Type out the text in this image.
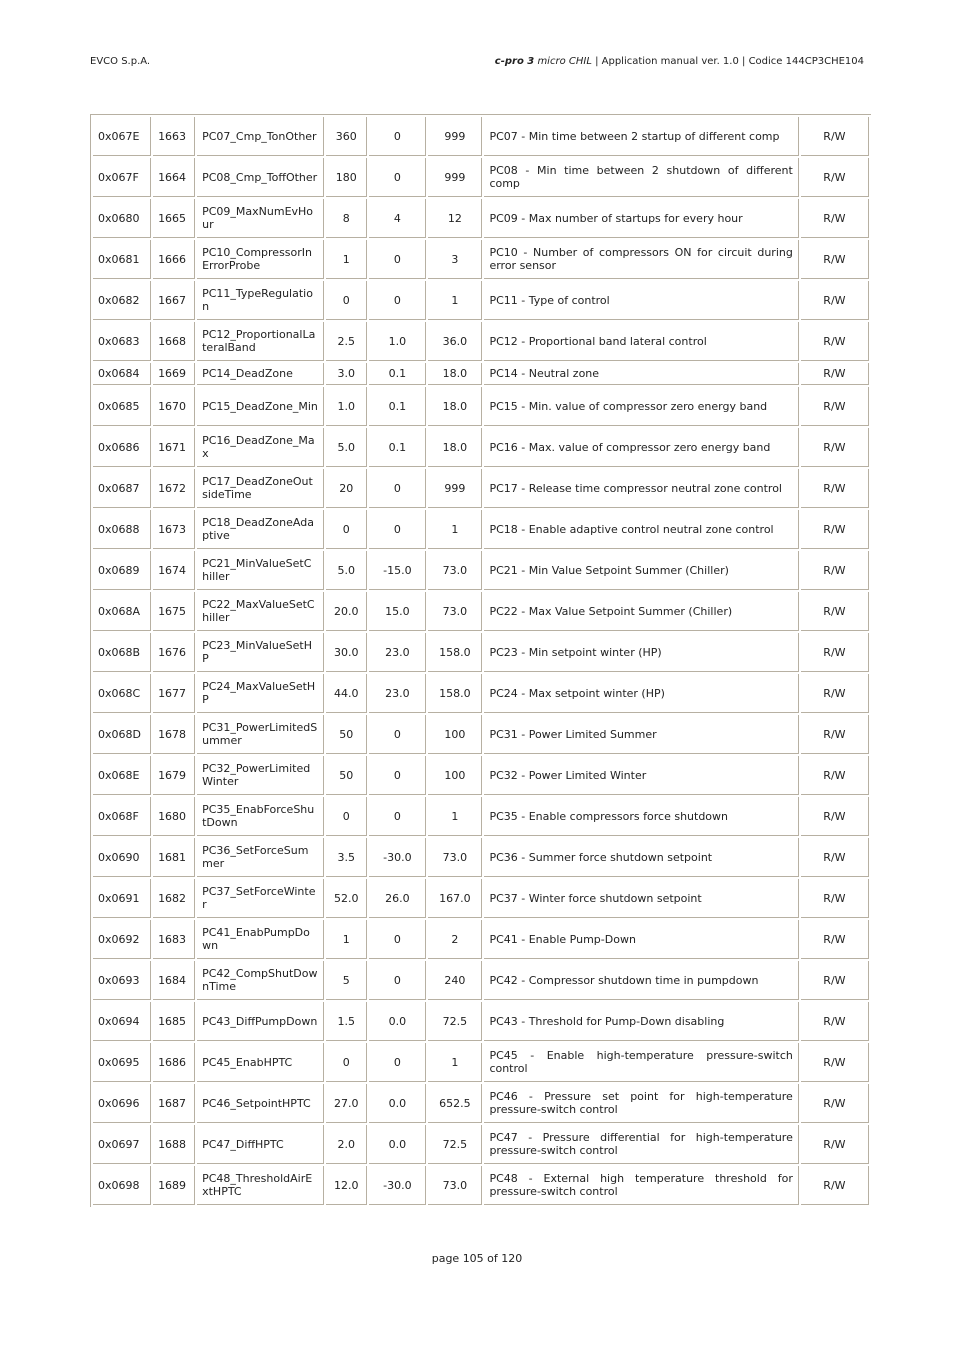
EVCO S.p.A.	c-pro 3 micro CHIL | Application manual ver. 1.0 | Codice 144CP3CHE104
0x067E	1663	PC07_Cmp_TonOther	360	0	999	PC07 - Min time between 2 startup of different comp	R/W
0x067F	1664	PC08_Cmp_ToffOther	180	0	999	PC08 - Min time between 2 shutdown of different comp	R/W
0x0680	1665	PC09_MaxNumEvHour	8	4	12	PC09 - Max number of startups for every hour	R/W
0x0681	1666	PC10_CompressorInErrorProbe	1	0	3	PC10 - Number of compressors ON for circuit during error sensor	R/W
0x0682	1667	PC11_TypeRegulation	0	0	1	PC11 - Type of control	R/W
0x0683	1668	PC12_ProportionalLateralBand	2.5	1.0	36.0	PC12 - Proportional band lateral control	R/W
0x0684	1669	PC14_DeadZone	3.0	0.1	18.0	PC14 - Neutral zone	R/W
0x0685	1670	PC15_DeadZone_Min	1.0	0.1	18.0	PC15 - Min. value of compressor zero energy band	R/W
0x0686	1671	PC16_DeadZone_Max	5.0	0.1	18.0	PC16 - Max. value of compressor zero energy band	R/W
0x0687	1672	PC17_DeadZoneOutsideTime	20	0	999	PC17 - Release time compressor neutral zone control	R/W
0x0688	1673	PC18_DeadZoneAdaptive	0	0	1	PC18 - Enable adaptive control neutral zone control	R/W
0x0689	1674	PC21_MinValueSetChiller	5.0	-15.0	73.0	PC21 - Min Value Setpoint Summer (Chiller)	R/W
0x068A	1675	PC22_MaxValueSetChiller	20.0	15.0	73.0	PC22 - Max Value Setpoint Summer (Chiller)	R/W
0x068B	1676	PC23_MinValueSetHP	30.0	23.0	158.0	PC23 - Min setpoint winter (HP)	R/W
0x068C	1677	PC24_MaxValueSetHP	44.0	23.0	158.0	PC24 - Max setpoint winter (HP)	R/W
0x068D	1678	PC31_PowerLimitedSummer	50	0	100	PC31 - Power Limited Summer	R/W
0x068E	1679	PC32_PowerLimitedWinter	50	0	100	PC32 - Power Limited Winter	R/W
0x068F	1680	PC35_EnabForceShutDown	0	0	1	PC35 - Enable compressors force shutdown	R/W
0x0690	1681	PC36_SetForceSummer	3.5	-30.0	73.0	PC36 - Summer force shutdown setpoint	R/W
0x0691	1682	PC37_SetForceWinter	52.0	26.0	167.0	PC37 - Winter force shutdown setpoint	R/W
0x0692	1683	PC41_EnabPumpDown	1	0	2	PC41 - Enable Pump-Down	R/W
0x0693	1684	PC42_CompShutDownTime	5	0	240	PC42 - Compressor shutdown time in pumpdown	R/W
0x0694	1685	PC43_DiffPumpDown	1.5	0.0	72.5	PC43 - Threshold for Pump-Down disabling	R/W
0x0695	1686	PC45_EnabHPTC	0	0	1	PC45 - Enable high-temperature pressure-switch control	R/W
0x0696	1687	PC46_SetpointHPTC	27.0	0.0	652.5	PC46 - Pressure set point for high-temperature pressure-switch control	R/W
0x0697	1688	PC47_DiffHPTC	2.0	0.0	72.5	PC47 - Pressure differential for high-temperature pressure-switch control	R/W
0x0698	1689	PC48_ThresholdAirExtHPTC	12.0	-30.0	73.0	PC48 - External high temperature threshold for pressure-switch control	R/W
page 105 of 120
